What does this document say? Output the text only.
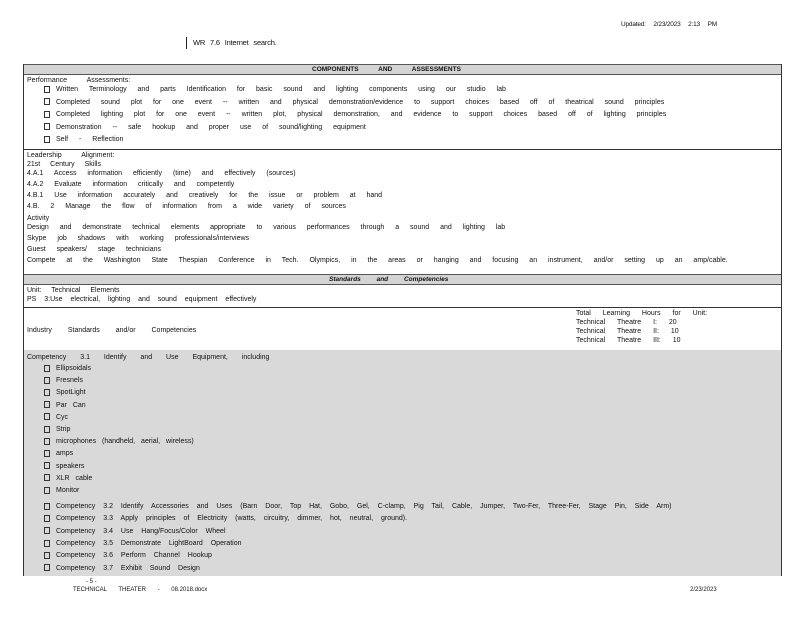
Updated: 2/23/2023 2:13 PM
WR 7.6 Internet search.
COMPONENTS AND ASSESSMENTS
Performance Assessments:
Written Terminology and parts Identification for basic sound and lighting components using our studio lab
Completed sound plot for one event -- written and physical demonstration/evidence to support choices based off of theatrical sound principles
Completed lighting plot for one event -- written plot, physical demonstration, and evidence to support choices based off of lighting principles
Demonstration -- safe hookup and proper use of sound/lighting equipment
Self - Reflection
Leadership Alignment:
21st Century Skills
4.A.1 Access information efficiently (time) and effectively (sources)
4.A.2 Evaluate information critically and competently
4.B.1 Use information accurately and creatively for the issue or problem at hand
4.B. 2 Manage the flow of information from a wide variety of sources
Activity
Design and demonstrate technical elements appropriate to various performances through a sound and lighting lab
Skype job shadows with working professionals/interviews
Guest speakers/ stage technicians
Compete at the Washington State Thespian Conference in Tech. Olympics, in the areas or hanging and focusing an instrument, and/or setting up an amp/cable.
Standards and Competencies
Unit: Technical Elements
PS 3:Use electrical, lighting and sound equipment effectively
Industry Standards and/or Competencies
Total Learning Hours for Unit:
Technical Theatre I: 20
Technical Theatre II: 10
Technical Theatre III: 10
Competency 3.1 Identify and Use Equipment, including
Ellipsoidals
Fresnels
SpotLight
Par Can
Cyc
Strip
microphones (handheld, aerial, wireless)
amps
speakers
XLR cable
Monitor
Competency 3.2 Identify Accessories and Uses (Barn Door, Top Hat, Gobo, Gel, C-clamp, Pig Tail, Cable, Jumper, Two-Fer, Three-Fer, Stage Pin, Side Arm)
Competency 3.3 Apply principles of Electricity (watts, circuitry, dimmer, hot, neutral, ground).
Competency 3.4 Use Hang/Focus/Color Wheel
Competency 3.5 Demonstrate LightBoard Operation
Competency 3.6 Perform Channel Hookup
Competency 3.7 Exhibit Sound Design
- 5 -
TECHNICAL THEATER - 08.2018.docx	2/23/2023
